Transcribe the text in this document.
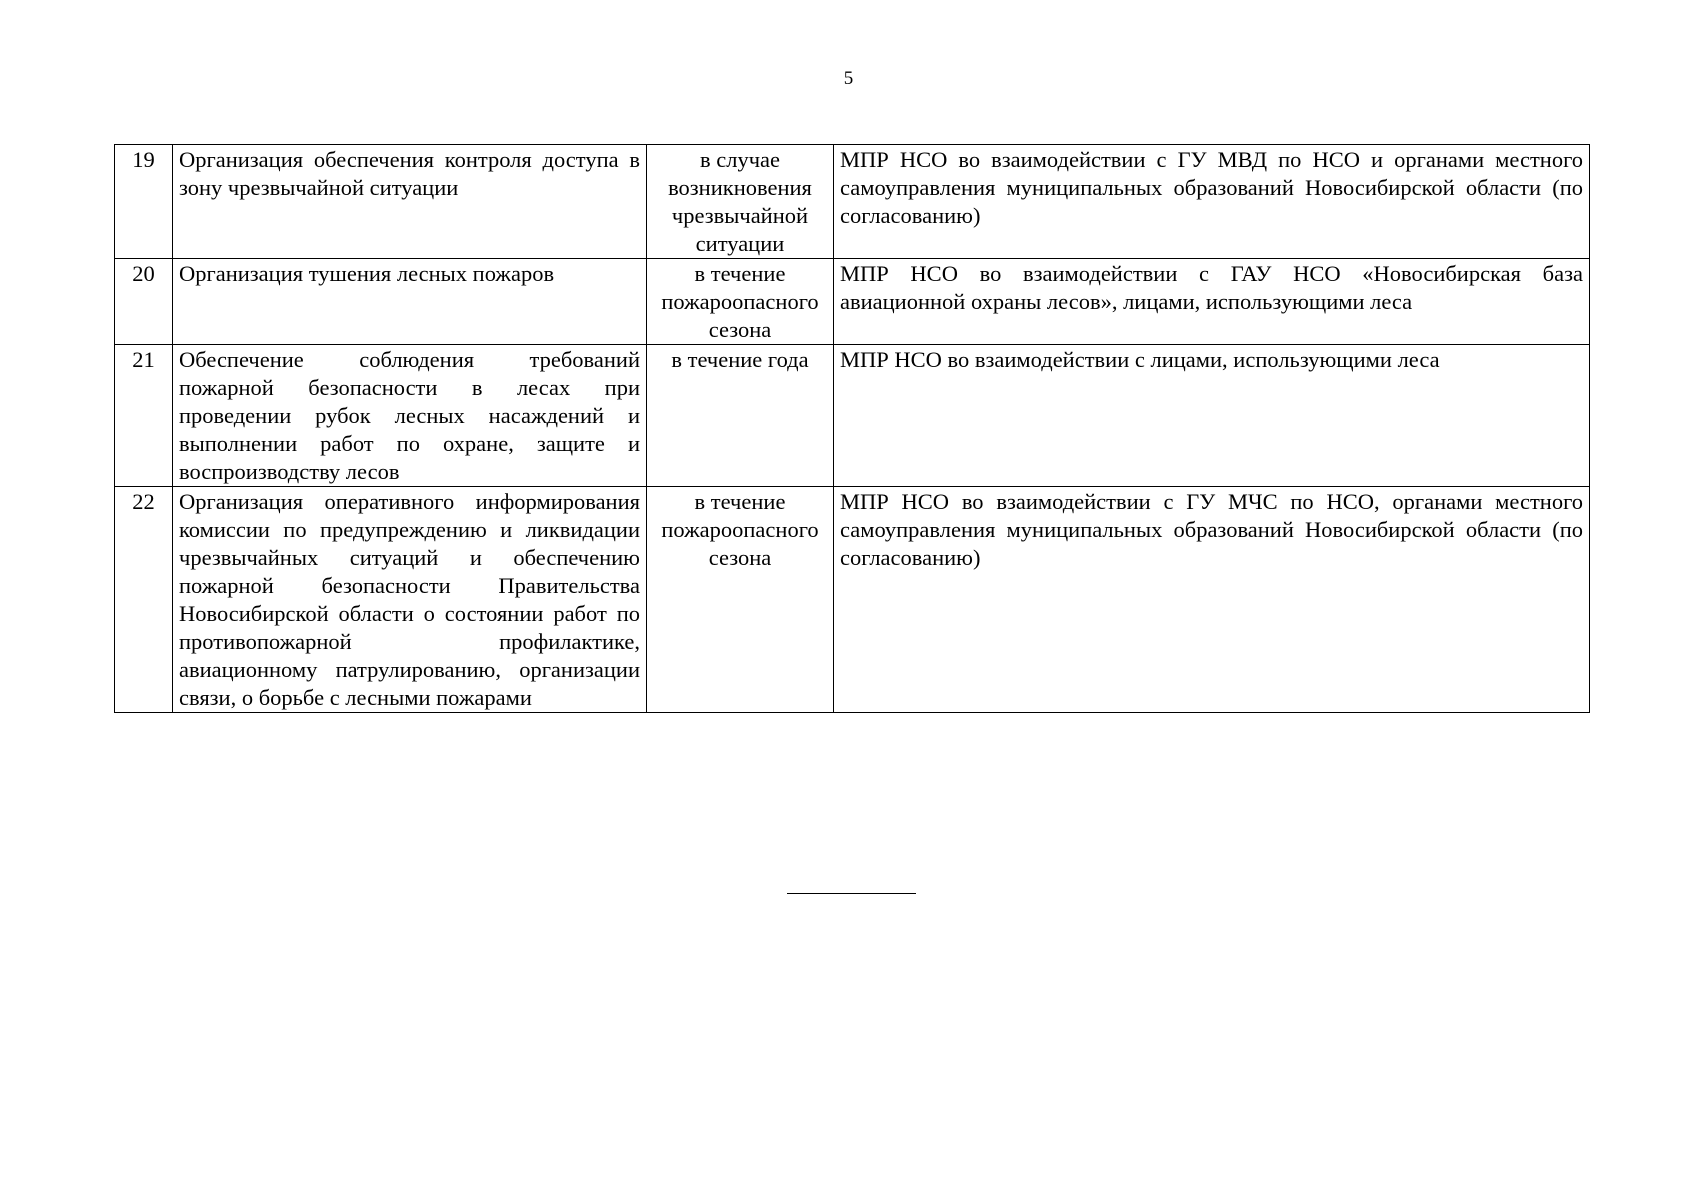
5
19	Организация обеспечения контроля доступа в зону чрезвычайной ситуации	в случае возникновения чрезвычайной ситуации	МПР НСО во взаимодействии с ГУ МВД по НСО и органами местного самоуправления муниципальных образований Новосибирской области (по согласованию)
20	Организация тушения лесных пожаров	в течение пожароопасного сезона	МПР НСО во взаимодействии с ГАУ НСО «Новосибирская база авиационной охраны лесов», лицами, использующими леса
21	Обеспечение соблюдения требований пожарной безопасности в лесах при проведении рубок лесных насаждений и выполнении работ по охране, защите и воспроизводству лесов	в течение года	МПР НСО во взаимодействии с лицами, использующими леса
22	Организация оперативного информирования комиссии по предупреждению и ликвидации чрезвычайных ситуаций и обеспечению пожарной безопасности Правительства Новосибирской области о состоянии работ по противопожарной профилактике, авиационному патрулированию, организации связи, о борьбе с лесными пожарами	в течение пожароопасного сезона	МПР НСО во взаимодействии с ГУ МЧС по НСО, органами местного самоуправления муниципальных образований Новосибирской области (по согласованию)
